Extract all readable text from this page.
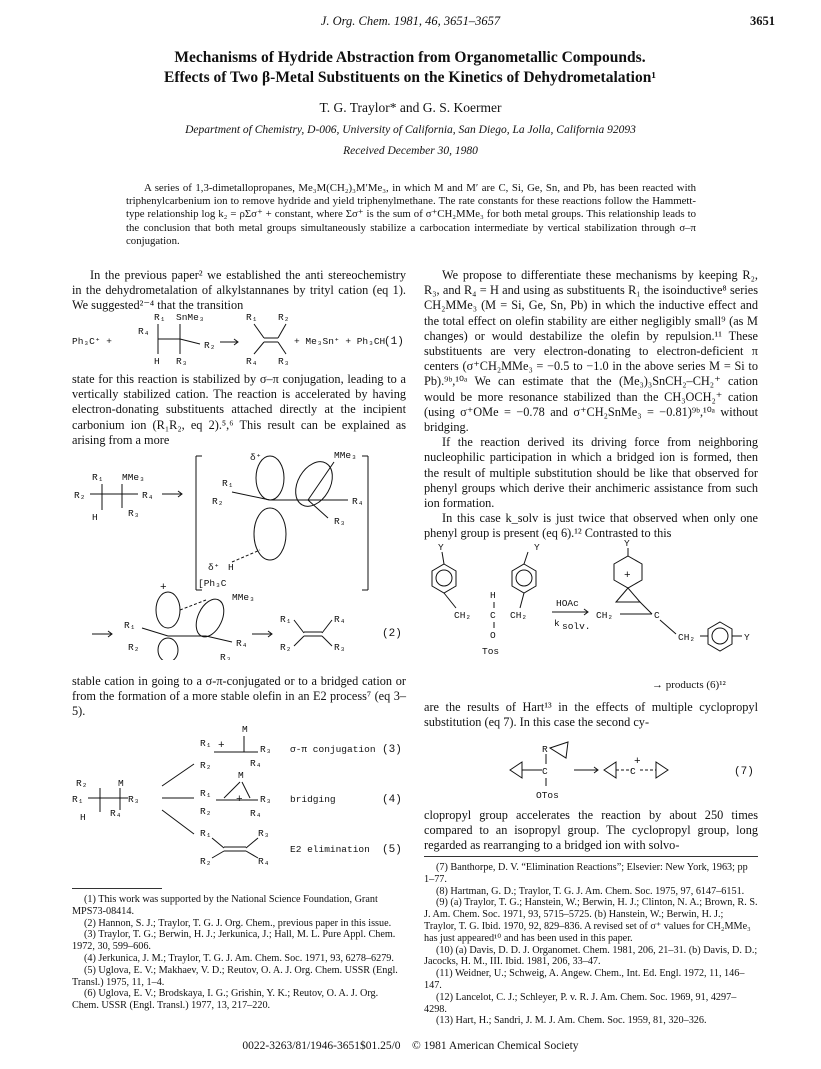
J. Org. Chem. 1981, 46, 3651–3657	3651
Mechanisms of Hydride Abstraction from Organometallic Compounds.
Effects of Two β-Metal Substituents on the Kinetics of Dehydrometalation¹
T. G. Traylor* and G. S. Koermer
Department of Chemistry, D-006, University of California, San Diego, La Jolla, California 92093
Received December 30, 1980
A series of 1,3-dimetallopropanes, Me₃M(CH₂)₃M′Me₃, in which M and M′ are C, Si, Ge, Sn, and Pb, has been reacted with triphenylcarbenium ion to remove hydride and yield triphenylmethane. The rate constants for these reactions follow the Hammett-type relationship log k₂ = ρΣσ⁺ + constant, where Σσ⁺ is the sum of σ⁺CH₂MMe₃ for both metal groups. This relationship leads to the conclusion that both metal groups simultaneously stabilize a carbocation intermediate by vertical stabilization through σ–π conjugation.

In the previous paper² we established the anti stereochemistry in the dehydrometalation of alkylstannanes by trityl cation (eq 1). We suggested²⁻⁴ that the transition

Ph₃C⁺ +
R₄
R₁ SnMe₃
R₂
H R₃
R₁ R₂
R₄ R₃
+ Me₃Sn⁺ + Ph₃CH
(1)

state for this reaction is stabilized by σ–π conjugation, leading to a vertically stabilized cation. The reaction is accelerated by having electron-donating substituents attached directly at the incipient carbonium ion (R₁R₂, eq 2).⁵,⁶ This result can be explained as arising from a more

R₂
R₁
H
MMe₃
R₄
R₃
δ⁺	MMe₃
R₁
R₂	R₄
R₃
δ⁺ H
[Ph₃C
+
MMe₃
R₁
R₂	R₄
R₃
R₁
R₂
R₄
R₃
(2)

stable cation in going to a σ-π-conjugated or to a bridged cation or from the formation of a more stable olefin in an E2 process⁷ (eq 3–5).

R₂
R₁
H
M
R₃
R₄
R₁
R₂
+
M
R₃
R₄
σ-π conjugation (3)
R₁
R₂
M
+ R₃
R₄
bridging	(4)
R₁
R₂
R₃
R₄
E2 elimination (5)

(1) This work was supported by the National Science Foundation, Grant MPS73-08414.

(2) Hannon, S. J.; Traylor, T. G. J. Org. Chem., previous paper in this issue.

(3) Traylor, T. G.; Berwin, H. J.; Jerkunica, J.; Hall, M. L. Pure Appl. Chem. 1972, 30, 599–606.

(4) Jerkunica, J. M.; Traylor, T. G. J. Am. Chem. Soc. 1971, 93, 6278–6279.

(5) Uglova, E. V.; Makhaev, V. D.; Reutov, O. A. J. Org. Chem. USSR (Engl. Transl.) 1975, 11, 1–4.

(6) Uglova, E. V.; Brodskaya, I. G.; Grishin, Y. K.; Reutov, O. A. J. Org. Chem. USSR (Engl. Transl.) 1977, 13, 217–220.

We propose to differentiate these mechanisms by keeping R₂, R₃, and R₄ = H and using as substituents R₁ the isoinductive⁸ series CH₂MMe₃ (M = Si, Ge, Sn, Pb) in which the inductive effect and the total effect on olefin stability are either negligibly small⁹ (as M changes) or would destabilize the olefin by repulsion.¹¹ These substituents are very electron-donating to electron-deficient π centers (σ⁺CH₂MMe₃ = −0.5 to −1.0 in the above series M = Si to Pb).⁹ᵇ,¹⁰ᵃ We can estimate that the (Me₃)₃SnCH₂–CH₂⁺ cation would be more resonance stabilized than the CH₃OCH₂⁺ cation (using σ⁺OMe = −0.78 and σ⁺CH₂SnMe₃ = −0.81)⁹ᵇ,¹⁰ᵃ without bridging.

If the reaction derived its driving force from neighboring nucleophilic participation in which a bridged ion is formed, then the result of multiple substitution should be like that observed for phenyl groups which derive their anchimeric assistance from such ion formation.

In this case k_solv is just twice that observed when only one phenyl group is present (eq 6).¹² Contrasted to this

Y	Y
CH₂	CH₂
H
C
O
Tos
HOAc
k solv.
Y
+
CH₂	C
CH₂	Y
→ products (6)¹²

are the results of Hart¹³ in the effects of multiple cyclopropyl substitution (eq 7). In this case the second cy-

R
C
OTos
C
+
(7)

clopropyl group accelerates the reaction by about 250 times compared to an isopropyl group. The cyclopropyl group, long regarded as rearranging to a bridged ion with solvo-

(7) Banthorpe, D. V. “Elimination Reactions”; Elsevier: New York, 1963; pp 1–77.

(8) Hartman, G. D.; Traylor, T. G. J. Am. Chem. Soc. 1975, 97, 6147–6151.

(9) (a) Traylor, T. G.; Hanstein, W.; Berwin, H. J.; Clinton, N. A.; Brown, R. S. J. Am. Chem. Soc. 1971, 93, 5715–5725. (b) Hanstein, W.; Berwin, H. J.; Traylor, T. G. Ibid. 1970, 92, 829–836. A revised set of σ⁺ values for CH₂MMe₃ has just appeared¹⁰ and has been used in this paper.

(10) (a) Davis, D. D. J. Organomet. Chem. 1981, 206, 21–31. (b) Davis, D. D.; Jacocks, H. M., III. Ibid. 1981, 206, 33–47.

(11) Weidner, U.; Schweig, A. Angew. Chem., Int. Ed. Engl. 1972, 11, 146–147.

(12) Lancelot, C. J.; Schleyer, P. v. R. J. Am. Chem. Soc. 1969, 91, 4297–4298.

(13) Hart, H.; Sandri, J. M. J. Am. Chem. Soc. 1959, 81, 320–326.

0022-3263/81/1946-3651$01.25/0 © 1981 American Chemical Society
